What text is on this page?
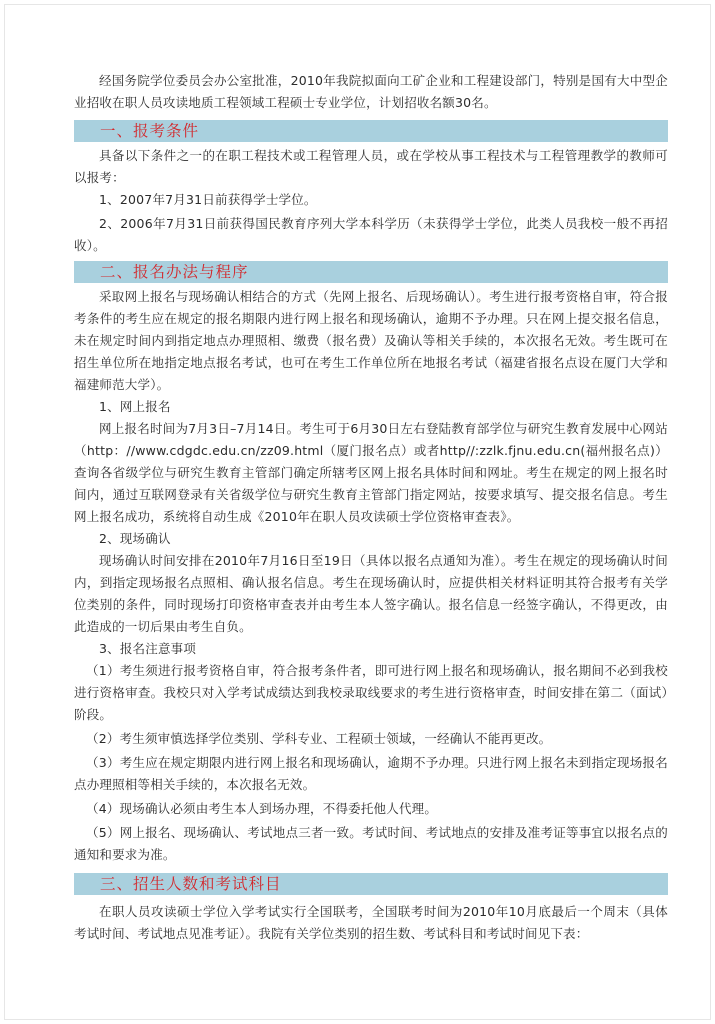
经国务院学位委员会办公室批准，2010年我院拟面向工矿企业和工程建设部门，特别是国有大中型企业招收在职人员攻读地质工程领域工程硕士专业学位，计划招收名额30名。

一、报考条件

具备以下条件之一的在职工程技术或工程管理人员，或在学校从事工程技术与工程管理教学的教师可以报考：

1、2007年7月31日前获得学士学位。

2、2006年7月31日前获得国民教育序列大学本科学历（未获得学士学位，此类人员我校一般不再招收）。

二、报名办法与程序

采取网上报名与现场确认相结合的方式（先网上报名、后现场确认）。考生进行报考资格自审，符合报考条件的考生应在规定的报名期限内进行网上报名和现场确认，逾期不予办理。只在网上提交报名信息，未在规定时间内到指定地点办理照相、缴费（报名费）及确认等相关手续的，本次报名无效。考生既可在招生单位所在地指定地点报名考试，也可在考生工作单位所在地报名考试（福建省报名点设在厦门大学和福建师范大学）。

1、网上报名

网上报名时间为7月3日–7月14日。考生可于6月30日左右登陆教育部学位与研究生教育发展中心网站（http：//www.cdgdc.edu.cn/zz09.html（厦门报名点）或者http//:zzlk.fjnu.edu.cn(福州报名点)）查询各省级学位与研究生教育主管部门确定所辖考区网上报名具体时间和网址。考生在规定的网上报名时间内，通过互联网登录有关省级学位与研究生教育主管部门指定网站，按要求填写、提交报名信息。考生网上报名成功，系统将自动生成《2010年在职人员攻读硕士学位资格审查表》。

2、现场确认

现场确认时间安排在2010年7月16日至19日（具体以报名点通知为准）。考生在规定的现场确认时间内，到指定现场报名点照相、确认报名信息。考生在现场确认时，应提供相关材料证明其符合报考有关学位类别的条件，同时现场打印资格审查表并由考生本人签字确认。报名信息一经签字确认，不得更改，由此造成的一切后果由考生自负。

3、报名注意事项

（1）考生须进行报考资格自审，符合报考条件者，即可进行网上报名和现场确认，报名期间不必到我校进行资格审查。我校只对入学考试成绩达到我校录取线要求的考生进行资格审查，时间安排在第二（面试）阶段。

（2）考生须审慎选择学位类别、学科专业、工程硕士领域，一经确认不能再更改。

（3）考生应在规定期限内进行网上报名和现场确认，逾期不予办理。只进行网上报名未到指定现场报名点办理照相等相关手续的，本次报名无效。

（4）现场确认必须由考生本人到场办理，不得委托他人代理。

（5）网上报名、现场确认、考试地点三者一致。考试时间、考试地点的安排及准考证等事宜以报名点的通知和要求为准。

三、招生人数和考试科目

在职人员攻读硕士学位入学考试实行全国联考，全国联考时间为2010年10月底最后一个周末（具体考试时间、考试地点见准考证）。我院有关学位类别的招生数、考试科目和考试时间见下表：
